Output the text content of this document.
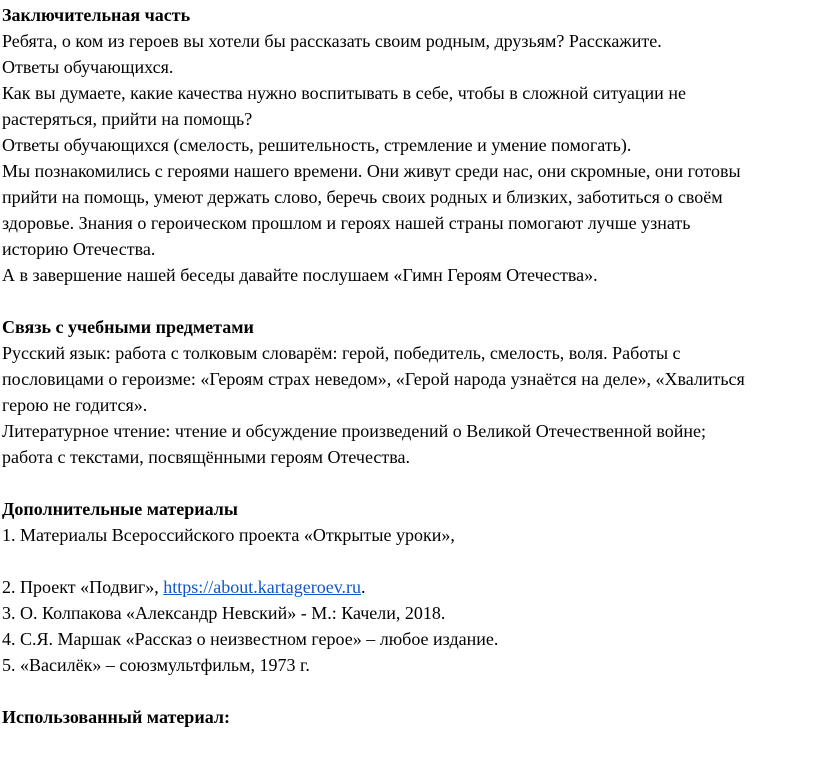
Заключительная часть
Ребята, о ком из героев вы хотели бы рассказать своим родным, друзьям? Расскажите.
Ответы обучающихся.
Как вы думаете, какие качества нужно воспитывать в себе, чтобы в сложной ситуации не
растеряться, прийти на помощь?
Ответы обучающихся (смелость, решительность, стремление и умение помогать).
Мы познакомились с героями нашего времени. Они живут среди нас, они скромные, они готовы
прийти на помощь, умеют держать слово, беречь своих родных и близких, заботиться о своём
здоровье. Знания о героическом прошлом и героях нашей страны помогают лучше узнать
историю Отечества.
А в завершение нашей беседы давайте послушаем «Гимн Героям Отечества».
Связь с учебными предметами
Русский язык: работа с толковым словарём: герой, победитель, смелость, воля. Работы с
пословицами о героизме: «Героям страх неведом», «Герой народа узнаётся на деле», «Хвалиться
герою не годится».
Литературное чтение: чтение и обсуждение произведений о Великой Отечественной войне;
работа с текстами, посвящёнными героям Отечества.
Дополнительные материалы
1. Материалы Всероссийского проекта «Открытые уроки»,
2. Проект «Подвиг», https://about.kartageroev.ru.
3. О. Колпакова «Александр Невский» - М.: Качели, 2018.
4. С.Я. Маршак «Рассказ о неизвестном герое» – любое издание.
5. «Василёк» – союзмультфильм, 1973 г.
Использованный материал:
